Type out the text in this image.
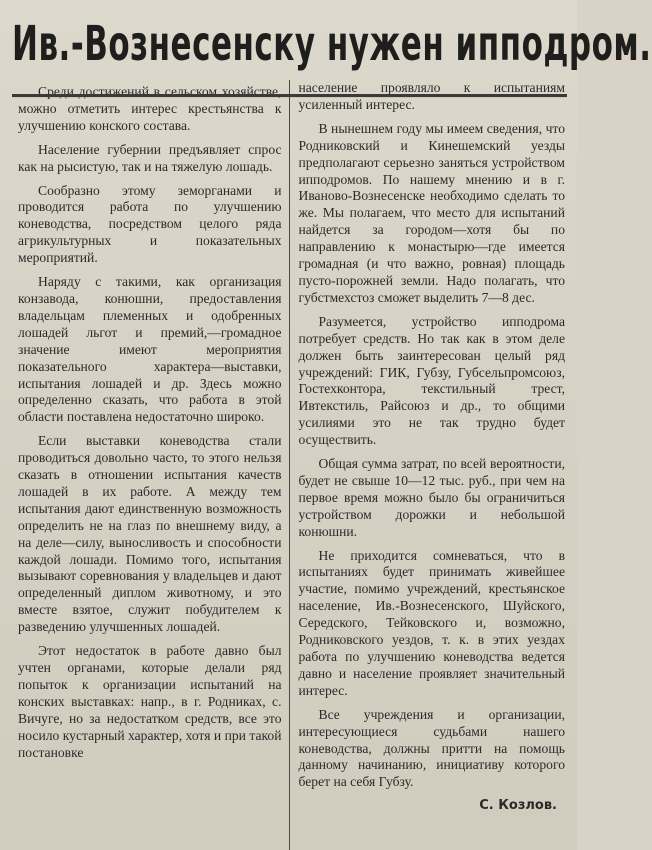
Ив.-Вознесенску нужен ипподром.

Среди достижений в сельском хозяйстве, можно отметить интерес крестьянства к улучшению конского состава.

Население губернии предъявляет спрос как на рысистую, так и на тяжелую лошадь.

Сообразно этому земорганами и проводится работа по улучшению коневодства, посредством целого ряда агрикультурных и показательных мероприятий.

Наряду с такими, как организация конзавода, конюшни, предоставления владельцам племенных и одобренных лошадей льгот и премий,—громадное значение имеют мероприятия показательного характера—выставки, испытания лошадей и др. Здесь можно определенно сказать, что работа в этой области поставлена недостаточно широко.

Если выставки коневодства стали проводиться довольно часто, то этого нельзя сказать в отношении испытания качеств лошадей в их работе. А между тем испытания дают единственную возможность определить не на глаз по внешнему виду, а на деле—силу, выносливость и способности каждой лошади. Помимо того, испытания вызывают соревнования у владельцев и дают определенный диплом животному, и это вместе взятое, служит побудителем к разведению улучшенных лошадей.

Этот недостаток в работе давно был учтен органами, которые делали ряд попыток к организации испытаний на конских выставках: напр., в г. Родниках, с. Вичуге, но за недостатком средств, все это носило кустарный характер, хотя и при такой постановке

население проявляло к испытаниям усиленный интерес.

В нынешнем году мы имеем сведения, что Родниковский и Кинешемский уезды предполагают серьезно заняться устройством ипподромов. По нашему мнению и в г. Иваново-Вознесенске необходимо сделать то же. Мы полагаем, что место для испытаний найдется за городом—хотя бы по направлению к монастырю—где имеется громадная (и что важно, ровная) площадь пусто-порожней земли. Надо полагать, что губстмехстоз сможет выделить 7—8 дес.

Разумеется, устройство ипподрома потребует средств. Но так как в этом деле должен быть заинтересован целый ряд учреждений: ГИК, Губзу, Губсельпромсоюз, Гостехконтора, текстильный трест, Ивтекстиль, Райсоюз и др., то общими усилиями это не так трудно будет осуществить.

Общая сумма затрат, по всей вероятности, будет не свыше 10—12 тыс. руб., при чем на первое время можно было бы ограничиться устройством дорожки и небольшой конюшни.

Не приходится сомневаться, что в испытаниях будет принимать живейшее участие, помимо учреждений, крестьянское население, Ив.-Вознесенского, Шуйского, Середского, Тейковского и, возможно, Родниковского уездов, т. к. в этих уездах работа по улучшению коневодства ведется давно и население проявляет значительный интерес.

Все учреждения и организации, интересующиеся судьбами нашего коневодства, должны притти на помощь данному начинанию, инициативу которого берет на себя Губзу.

С. Козлов.
